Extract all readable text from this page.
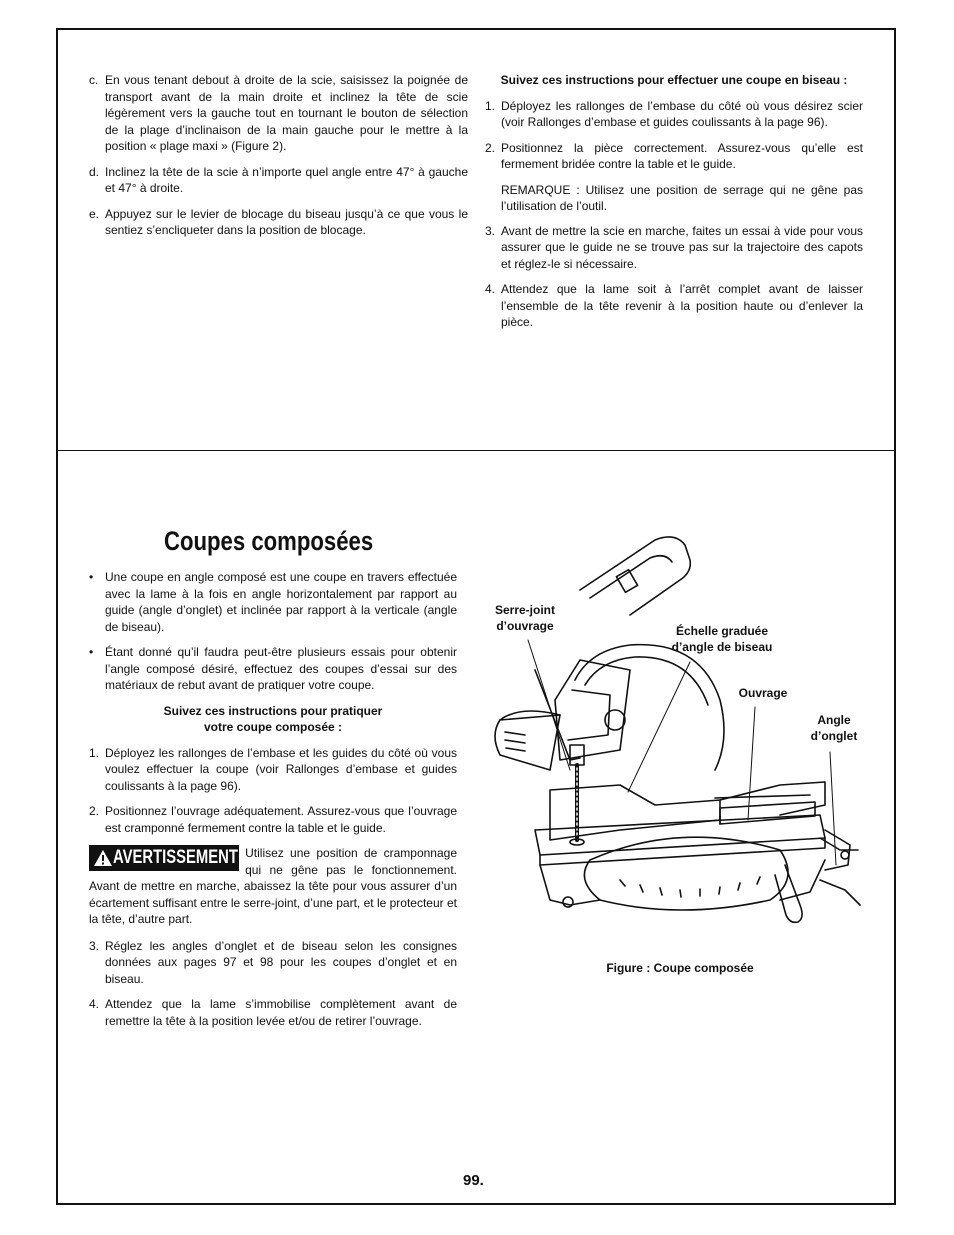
c. En vous tenant debout à droite de la scie, saisissez la poignée de transport avant de la main droite et inclinez la tête de scie légèrement vers la gauche tout en tournant le bouton de sélection de la plage d’inclinaison de la main gauche pour le mettre à la position « plage maxi » (Figure 2).
d. Inclinez la tête de la scie à n’importe quel angle entre 47° à gauche et 47° à droite.
e. Appuyez sur le levier de blocage du biseau jusqu’à ce que vous le sentiez s’encliqueter dans la position de blocage.
Suivez ces instructions pour effectuer une coupe en biseau :
1. Déployez les rallonges de l’embase du côté où vous désirez scier (voir Rallonges d’embase et guides coulissants à la page 96).
2. Positionnez la pièce correctement. Assurez-vous qu’elle est fermement bridée contre la table et le guide.
REMARQUE : Utilisez une position de serrage qui ne gêne pas l’utilisation de l’outil.
3. Avant de mettre la scie en marche, faites un essai à vide pour vous assurer que le guide ne se trouve pas sur la trajectoire des capots et réglez-le si nécessaire.
4. Attendez que la lame soit à l’arrêt complet avant de laisser l’ensemble de la tête revenir à la position haute ou d’enlever la pièce.
Coupes composées
• Une coupe en angle composé est une coupe en travers effectuée avec la lame à la fois en angle horizontalement par rapport au guide (angle d’onglet) et inclinée par rapport à la verticale (angle de biseau).
• Étant donné qu’il faudra peut-être plusieurs essais pour obtenir l’angle composé désiré, effectuez des coupes d’essai sur des matériaux de rebut avant de pratiquer votre coupe.
Suivez ces instructions pour pratiquer
votre coupe composée :
1. Déployez les rallonges de l’embase et les guides du côté où vous voulez effectuer la coupe (voir Rallonges d’embase et guides coulissants à la page 96).
2. Positionnez l’ouvrage adéquatement. Assurez-vous que l’ouvrage est cramponné fermement contre la table et le guide.
AVERTISSEMENT Utilisez une position de cramponnage qui ne gêne pas le fonctionnement. Avant de mettre en marche, abaissez la tête pour vous assurer d’un écartement suffisant entre le serre-joint, d’une part, et le protecteur et la tête, d’autre part.
3. Réglez les angles d’onglet et de biseau selon les consignes données aux pages 97 et 98 pour les coupes d’onglet et en biseau.
4. Attendez que la lame s’immobilise complètement avant de remettre la tête à la position levée et/ou de retirer l’ouvrage.
Serre-joint
d’ouvrage	Échelle graduée
d’angle de biseau
Ouvrage
Angle
d’onglet
Figure : Coupe composée
99.
